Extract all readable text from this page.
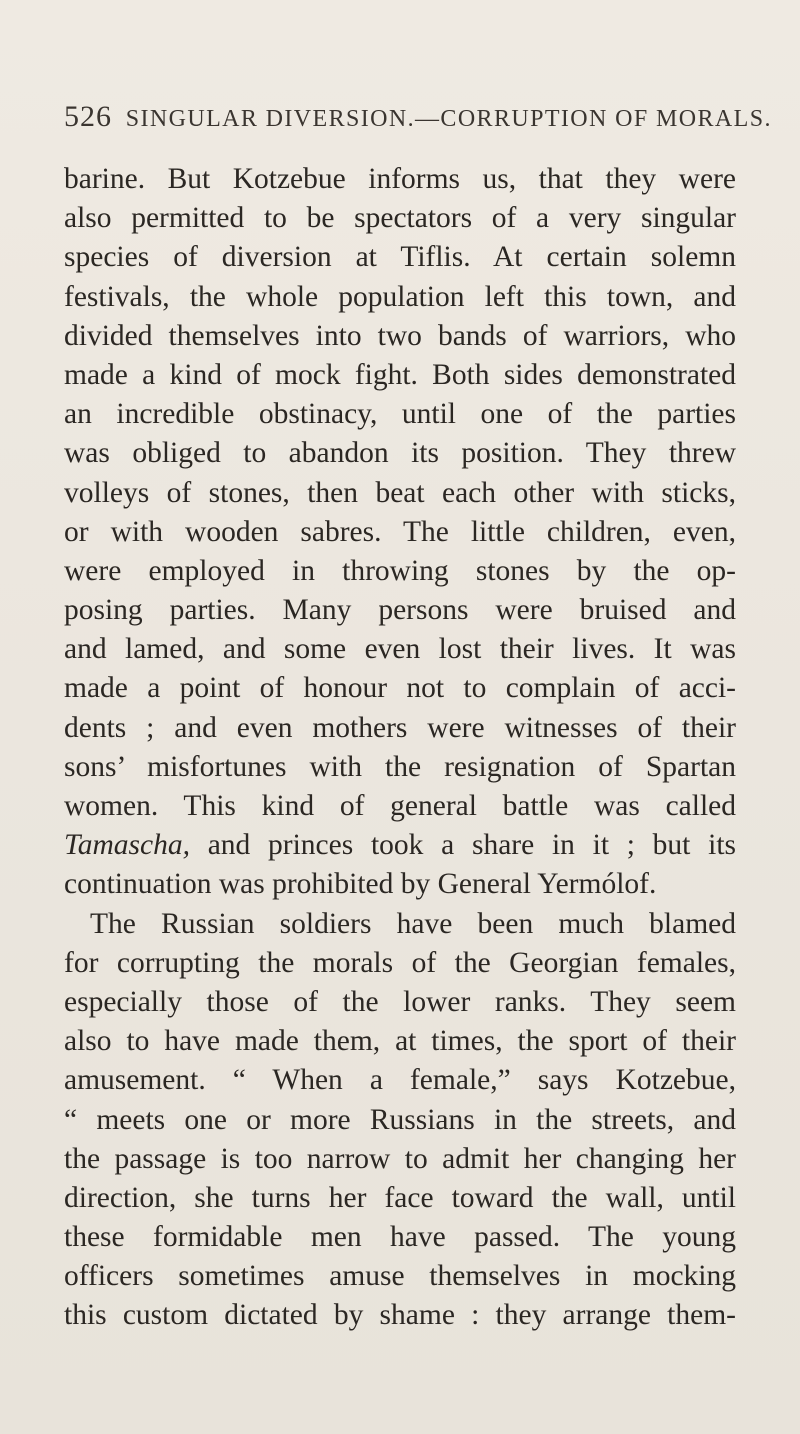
526 SINGULAR DIVERSION.—CORRUPTION OF MORALS.
barine. But Kotzebue informs us, that they were
also permitted to be spectators of a very singular
species of diversion at Tiflis. At certain solemn
festivals, the whole population left this town, and
divided themselves into two bands of warriors, who
made a kind of mock fight. Both sides demonstrated
an incredible obstinacy, until one of the parties
was obliged to abandon its position. They threw
volleys of stones, then beat each other with sticks,
or with wooden sabres. The little children, even,
were employed in throwing stones by the op-
posing parties. Many persons were bruised and
and lamed, and some even lost their lives. It was
made a point of honour not to complain of acci-
dents ; and even mothers were witnesses of their
sons’ misfortunes with the resignation of Spartan
women. This kind of general battle was called
Tamascha, and princes took a share in it ; but its
continuation was prohibited by General Yermólof.
The Russian soldiers have been much blamed
for corrupting the morals of the Georgian females,
especially those of the lower ranks. They seem
also to have made them, at times, the sport of their
amusement. “ When a female,” says Kotzebue,
“ meets one or more Russians in the streets, and
the passage is too narrow to admit her changing her
direction, she turns her face toward the wall, until
these formidable men have passed. The young
officers sometimes amuse themselves in mocking
this custom dictated by shame : they arrange them-
